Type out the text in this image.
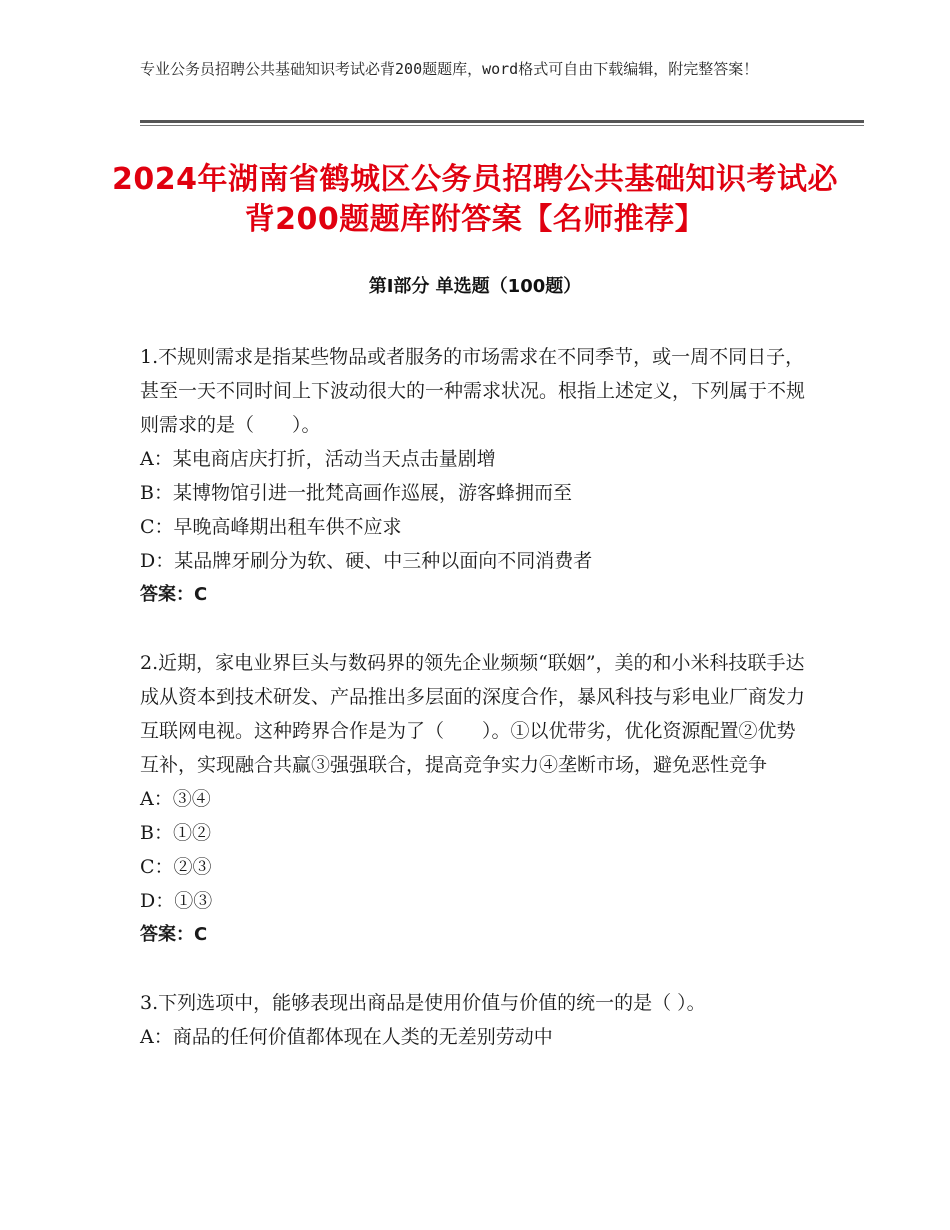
专业公务员招聘公共基础知识考试必背200题题库，word格式可自由下载编辑，附完整答案！
2024年湖南省鹤城区公务员招聘公共基础知识考试必背200题题库附答案【名师推荐】
第I部分 单选题（100题）

1.不规则需求是指某些物品或者服务的市场需求在不同季节，或一周不同日子，甚至一天不同时间上下波动很大的一种需求状况。根指上述定义，下列属于不规则需求的是（　　）。

A：某电商店庆打折，活动当天点击量剧增

B：某博物馆引进一批梵高画作巡展，游客蜂拥而至

C：早晚高峰期出租车供不应求

D：某品牌牙刷分为软、硬、中三种以面向不同消费者

答案：C

2.近期，家电业界巨头与数码界的领先企业频频“联姻”，美的和小米科技联手达成从资本到技术研发、产品推出多层面的深度合作，暴风科技与彩电业厂商发力互联网电视。这种跨界合作是为了（　　）。①以优带劣，优化资源配置②优势互补，实现融合共赢③强强联合，提高竞争实力④垄断市场，避免恶性竞争

A：③④

B：①②

C：②③

D：①③

答案：C

3.下列选项中，能够表现出商品是使用价值与价值的统一的是（ ）。

A：商品的任何价值都体现在人类的无差别劳动中
